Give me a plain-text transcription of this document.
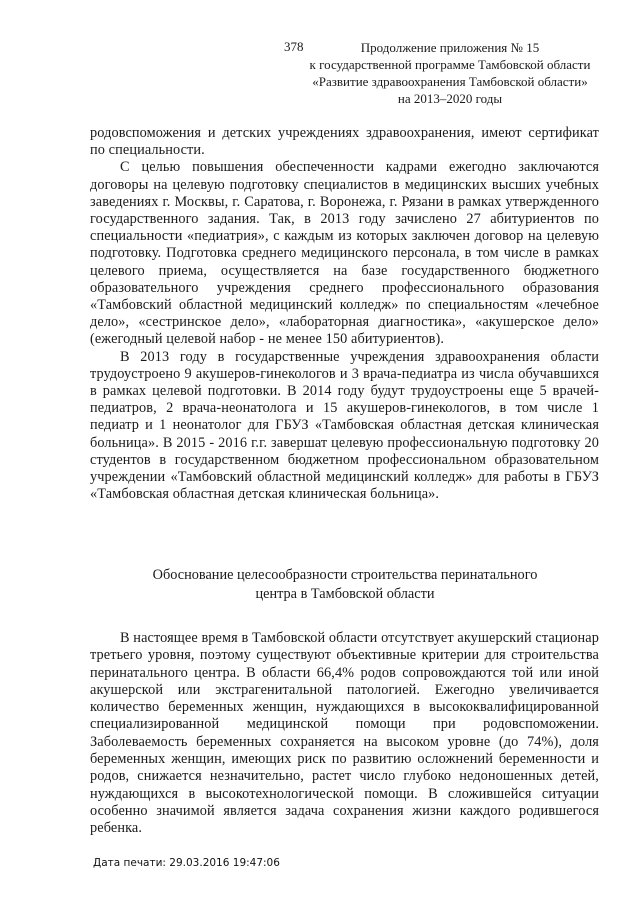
378	Продолжение приложения № 15
к государственной программе Тамбовской области
«Развитие здравоохранения Тамбовской области»
на 2013–2020 годы

родовспоможения и детских учреждениях здравоохранения, имеют сертификат по специальности.

С целью повышения обеспеченности кадрами ежегодно заключаются договоры на целевую подготовку специалистов в медицинских высших учебных заведениях г. Москвы, г. Саратова, г. Воронежа, г. Рязани в рамках утвержденного государственного задания. Так, в 2013 году зачислено 27 абитуриентов по специальности «педиатрия», с каждым из которых заключен договор на целевую подготовку. Подготовка среднего медицинского персонала, в том числе в рамках целевого приема, осуществляется на базе государственного бюджетного образовательного учреждения среднего профессионального образования «Тамбовский областной медицинский колледж» по специальностям «лечебное дело», «сестринское дело», «лабораторная диагностика», «акушерское дело» (ежегодный целевой набор - не менее 150 абитуриентов).

В 2013 году в государственные учреждения здравоохранения области трудоустроено 9 акушеров-гинекологов и 3 врача-педиатра из числа обучавшихся в рамках целевой подготовки. В 2014 году будут трудоустроены еще 5 врачей-педиатров, 2 врача-неонатолога и 15 акушеров-гинекологов, в том числе 1 педиатр и 1 неонатолог для ГБУЗ «Тамбовская областная детская клиническая больница». В 2015 - 2016 г.г. завершат целевую профессиональную подготовку 20 студентов в государственном бюджетном профессиональном образовательном учреждении «Тамбовский областной медицинский колледж» для работы в ГБУЗ «Тамбовская областная детская клиническая больница».

Обоснование целесообразности строительства перинатального
центра в Тамбовской области

В настоящее время в Тамбовской области отсутствует акушерский стационар третьего уровня, поэтому существуют объективные критерии для строительства перинатального центра. В области 66,4% родов сопровождаются той или иной акушерской или экстрагенитальной патологией. Ежегодно увеличивается количество беременных женщин, нуждающихся в высококвалифицированной специализированной медицинской помощи при родовспоможении. Заболеваемость беременных сохраняется на высоком уровне (до 74%), доля беременных женщин, имеющих риск по развитию осложнений беременности и родов, снижается незначительно, растет число глубоко недоношенных детей, нуждающихся в высокотехнологической помощи. В сложившейся ситуации особенно значимой является задача сохранения жизни каждого родившегося ребенка.

Дата печати: 29.03.2016 19:47:06
